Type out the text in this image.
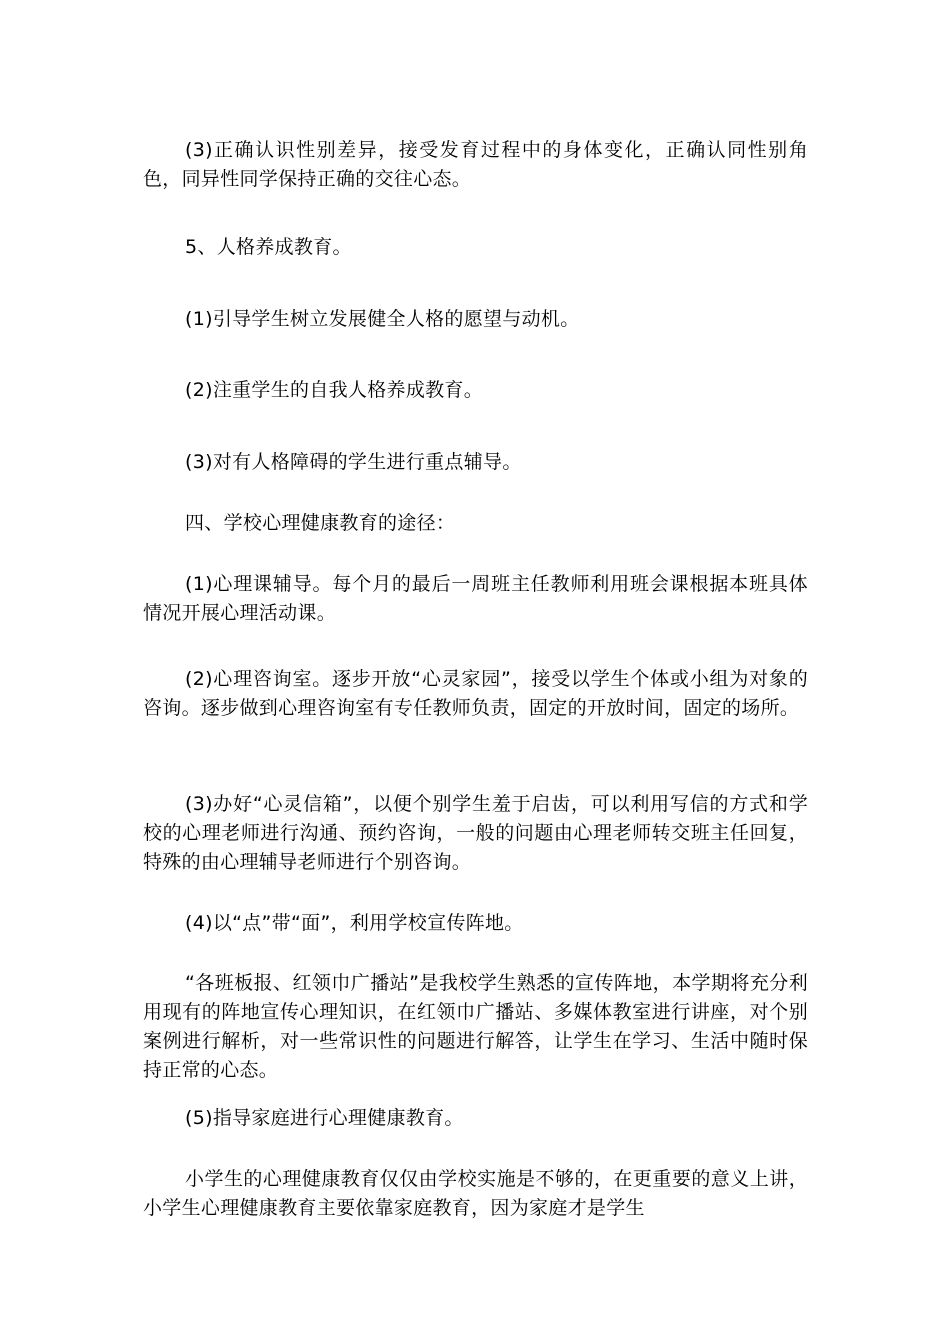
(3)正确认识性别差异，接受发育过程中的身体变化，正确认同性别角色，同异性同学保持正确的交往心态。

5、人格养成教育。

(1)引导学生树立发展健全人格的愿望与动机。

(2)注重学生的自我人格养成教育。

(3)对有人格障碍的学生进行重点辅导。

四、学校心理健康教育的途径：

(1)心理课辅导。每个月的最后一周班主任教师利用班会课根据本班具体情况开展心理活动课。

(2)心理咨询室。逐步开放“心灵家园”，接受以学生个体或小组为对象的咨询。逐步做到心理咨询室有专任教师负责，固定的开放时间，固定的场所。

(3)办好“心灵信箱”，以便个别学生羞于启齿，可以利用写信的方式和学校的心理老师进行沟通、预约咨询，一般的问题由心理老师转交班主任回复，特殊的由心理辅导老师进行个别咨询。

(4)以“点”带“面”，利用学校宣传阵地。

“各班板报、红领巾广播站”是我校学生熟悉的宣传阵地，本学期将充分利用现有的阵地宣传心理知识，在红领巾广播站、多媒体教室进行讲座，对个别案例进行解析，对一些常识性的问题进行解答，让学生在学习、生活中随时保持正常的心态。

(5)指导家庭进行心理健康教育。

小学生的心理健康教育仅仅由学校实施是不够的，在更重要的意义上讲，小学生心理健康教育主要依靠家庭教育，因为家庭才是学生
